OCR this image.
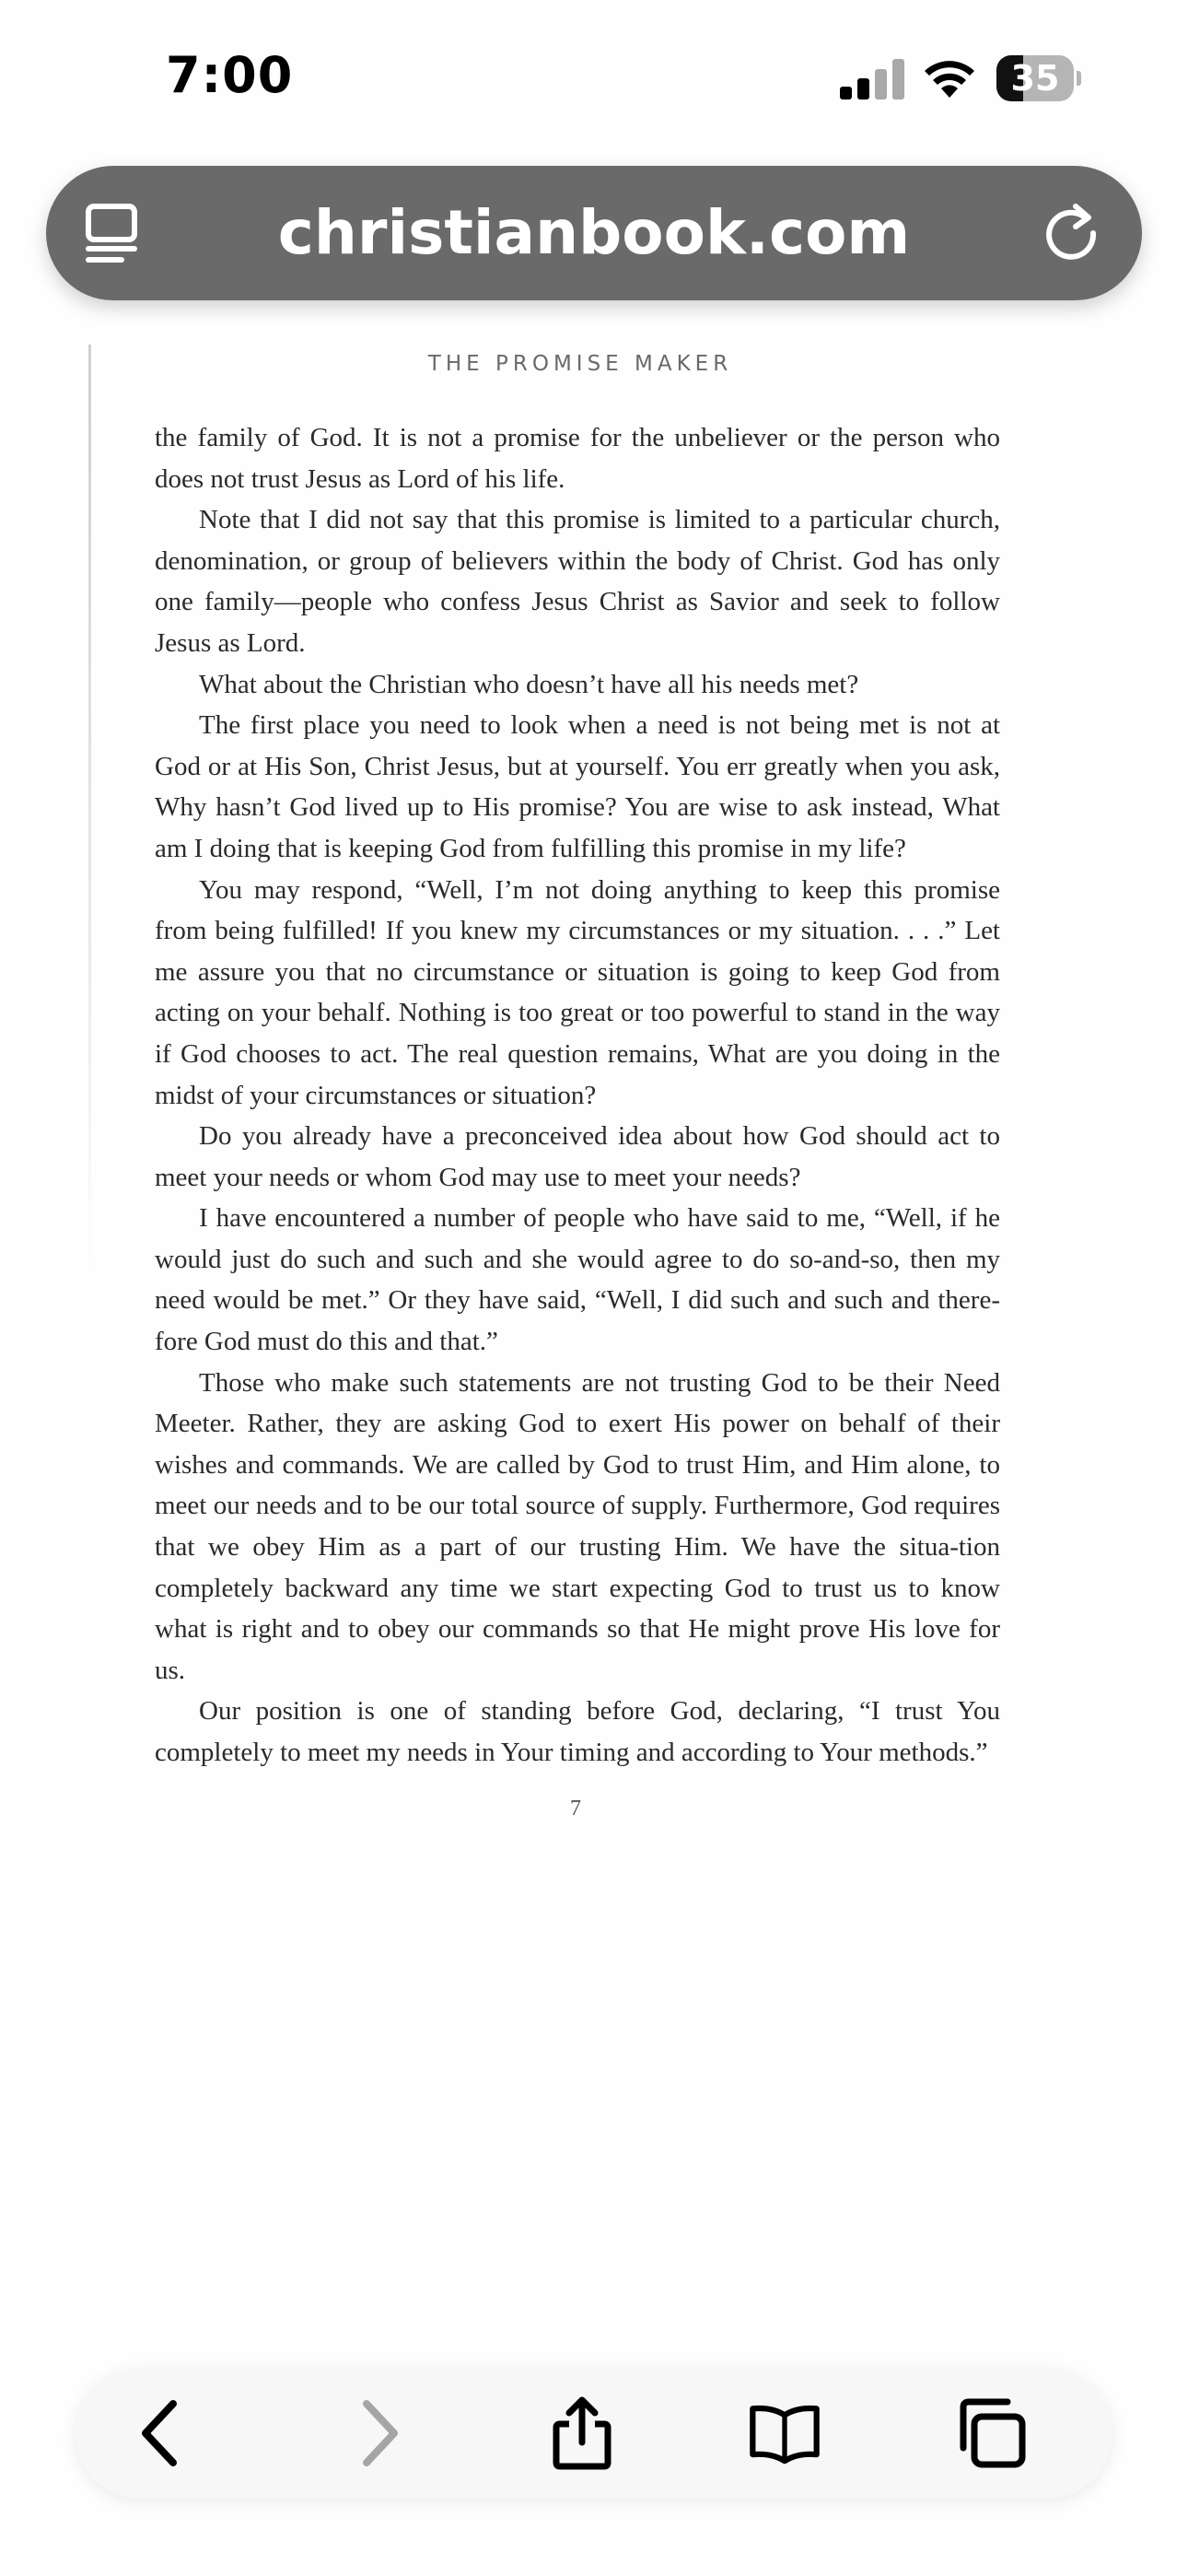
7:00	35
christianbook.com
THE PROMISE MAKER

the family of God. It is not a promise for the unbeliever or the person who does not trust Jesus as Lord of his life.

Note that I did not say that this promise is limited to a particular church, denomination, or group of believers within the body of Christ. God has only one family—people who confess Jesus Christ as Savior and seek to follow Jesus as Lord.

What about the Christian who doesn’t have all his needs met?

The first place you need to look when a need is not being met is not at God or at His Son, Christ Jesus, but at yourself. You err greatly when you ask, Why hasn’t God lived up to His promise? You are wise to ask instead, What am I doing that is keeping God from fulfilling this promise in my life?

You may respond, “Well, I’m not doing anything to keep this promise from being fulfilled! If you knew my circumstances or my situation. . . .” Let me assure you that no circumstance or situation is going to keep God from acting on your behalf. Nothing is too great or too powerful to stand in the way if God chooses to act. The real question remains, What are you doing in the midst of your circumstances or situation?

Do you already have a preconceived idea about how God should act to meet your needs or whom God may use to meet your needs?

I have encountered a number of people who have said to me, “Well, if he would just do such and such and she would agree to do so-and-so, then my need would be met.” Or they have said, “Well, I did such and such and there-fore God must do this and that.”

Those who make such statements are not trusting God to be their Need Meeter. Rather, they are asking God to exert His power on behalf of their wishes and commands. We are called by God to trust Him, and Him alone, to meet our needs and to be our total source of supply. Furthermore, God requires that we obey Him as a part of our trusting Him. We have the situa-tion completely backward any time we start expecting God to trust us to know what is right and to obey our commands so that He might prove His love for us.

Our position is one of standing before God, declaring, “I trust You completely to meet my needs in Your timing and according to Your methods.”

7
